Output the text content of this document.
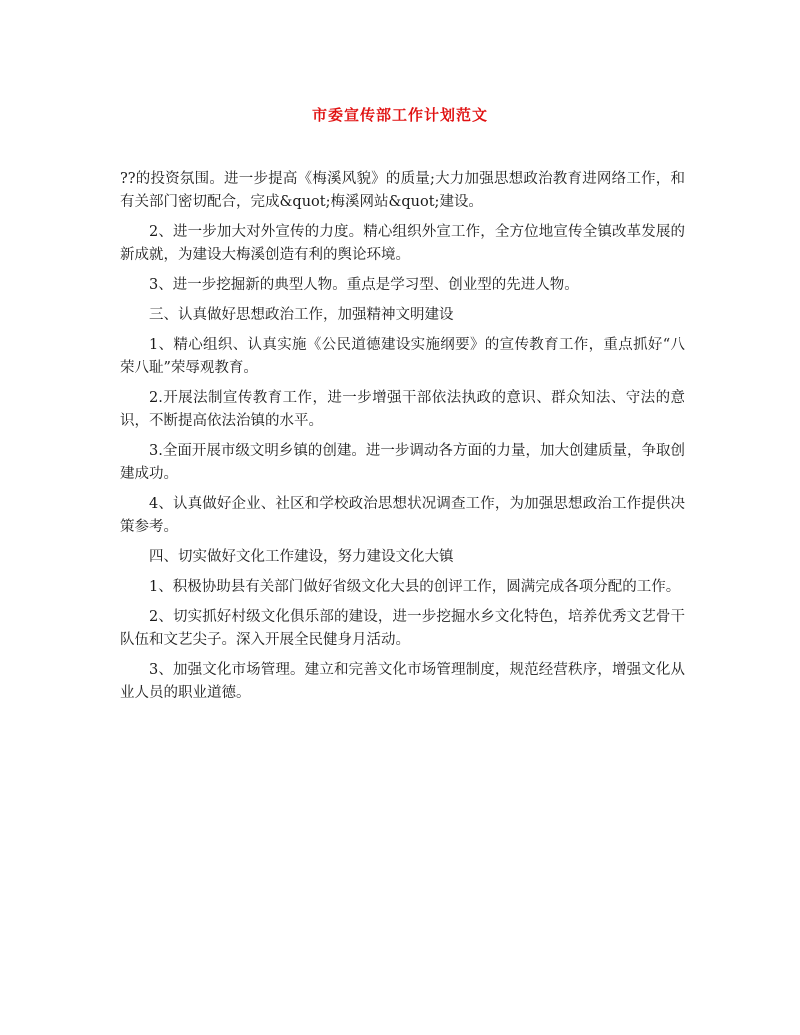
市委宣传部工作计划范文

??的投资氛围。进一步提高《梅溪风貌》的质量;大力加强思想政治教育进网络工作，和有关部门密切配合，完成&quot;梅溪网站&quot;建设。

2、进一步加大对外宣传的力度。精心组织外宣工作，全方位地宣传全镇改革发展的新成就，为建设大梅溪创造有利的舆论环境。

3、进一步挖掘新的典型人物。重点是学习型、创业型的先进人物。

三、认真做好思想政治工作，加强精神文明建设

1、精心组织、认真实施《公民道德建设实施纲要》的宣传教育工作，重点抓好“八荣八耻”荣辱观教育。

2.开展法制宣传教育工作，进一步增强干部依法执政的意识、群众知法、守法的意识，不断提高依法治镇的水平。

3.全面开展市级文明乡镇的创建。进一步调动各方面的力量，加大创建质量，争取创建成功。

4、认真做好企业、社区和学校政治思想状况调查工作，为加强思想政治工作提供决策参考。

四、切实做好文化工作建设，努力建设文化大镇

1、积极协助县有关部门做好省级文化大县的创评工作，圆满完成各项分配的工作。

2、切实抓好村级文化俱乐部的建设，进一步挖掘水乡文化特色，培养优秀文艺骨干队伍和文艺尖子。深入开展全民健身月活动。

3、加强文化市场管理。建立和完善文化市场管理制度，规范经营秩序，增强文化从业人员的职业道德。
